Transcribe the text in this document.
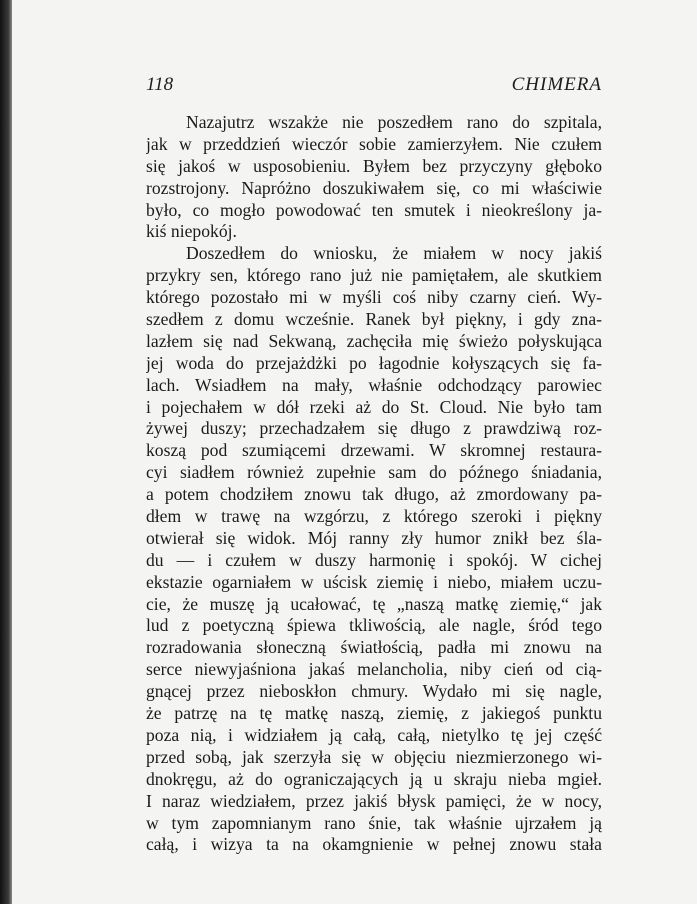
118	CHIMERA
Nazajutrz wszakże nie poszedłem rano do szpitala,
jak w przeddzień wieczór sobie zamierzyłem. Nie czułem
się jakoś w usposobieniu. Byłem bez przyczyny głęboko
rozstrojony. Napróżno doszukiwałem się, co mi właściwie
było, co mogło powodować ten smutek i nieokreślony ja-
kiś niepokój.
Doszedłem do wniosku, że miałem w nocy jakiś
przykry sen, którego rano już nie pamiętałem, ale skutkiem
którego pozostało mi w myśli coś niby czarny cień. Wy-
szedłem z domu wcześnie. Ranek był piękny, i gdy zna-
lazłem się nad Sekwaną, zachęciła mię świeżo połyskująca
jej woda do przejażdżki po łagodnie kołyszących się fa-
lach. Wsiadłem na mały, właśnie odchodzący parowiec
i pojechałem w dół rzeki aż do St. Cloud. Nie było tam
żywej duszy; przechadzałem się długo z prawdziwą roz-
koszą pod szumiącemi drzewami. W skromnej restaura-
cyi siadłem również zupełnie sam do późnego śniadania,
a potem chodziłem znowu tak długo, aż zmordowany pa-
dłem w trawę na wzgórzu, z którego szeroki i piękny
otwierał się widok. Mój ranny zły humor znikł bez śla-
du — i czułem w duszy harmonię i spokój. W cichej
ekstazie ogarniałem w uścisk ziemię i niebo, miałem uczu-
cie, że muszę ją ucałować, tę „naszą matkę ziemię,“ jak
lud z poetyczną śpiewa tkliwością, ale nagle, śród tego
rozradowania słoneczną światłością, padła mi znowu na
serce niewyjaśniona jakaś melancholia, niby cień od cią-
gnącej przez nieboskłon chmury. Wydało mi się nagle,
że patrzę na tę matkę naszą, ziemię, z jakiegoś punktu
poza nią, i widziałem ją całą, całą, nietylko tę jej część
przed sobą, jak szerzyła się w objęciu niezmierzonego wi-
dnokręgu, aż do ograniczających ją u skraju nieba mgieł.
I naraz wiedziałem, przez jakiś błysk pamięci, że w nocy,
w tym zapomnianym rano śnie, tak właśnie ujrzałem ją
całą, i wizya ta na okamgnienie w pełnej znowu stała
